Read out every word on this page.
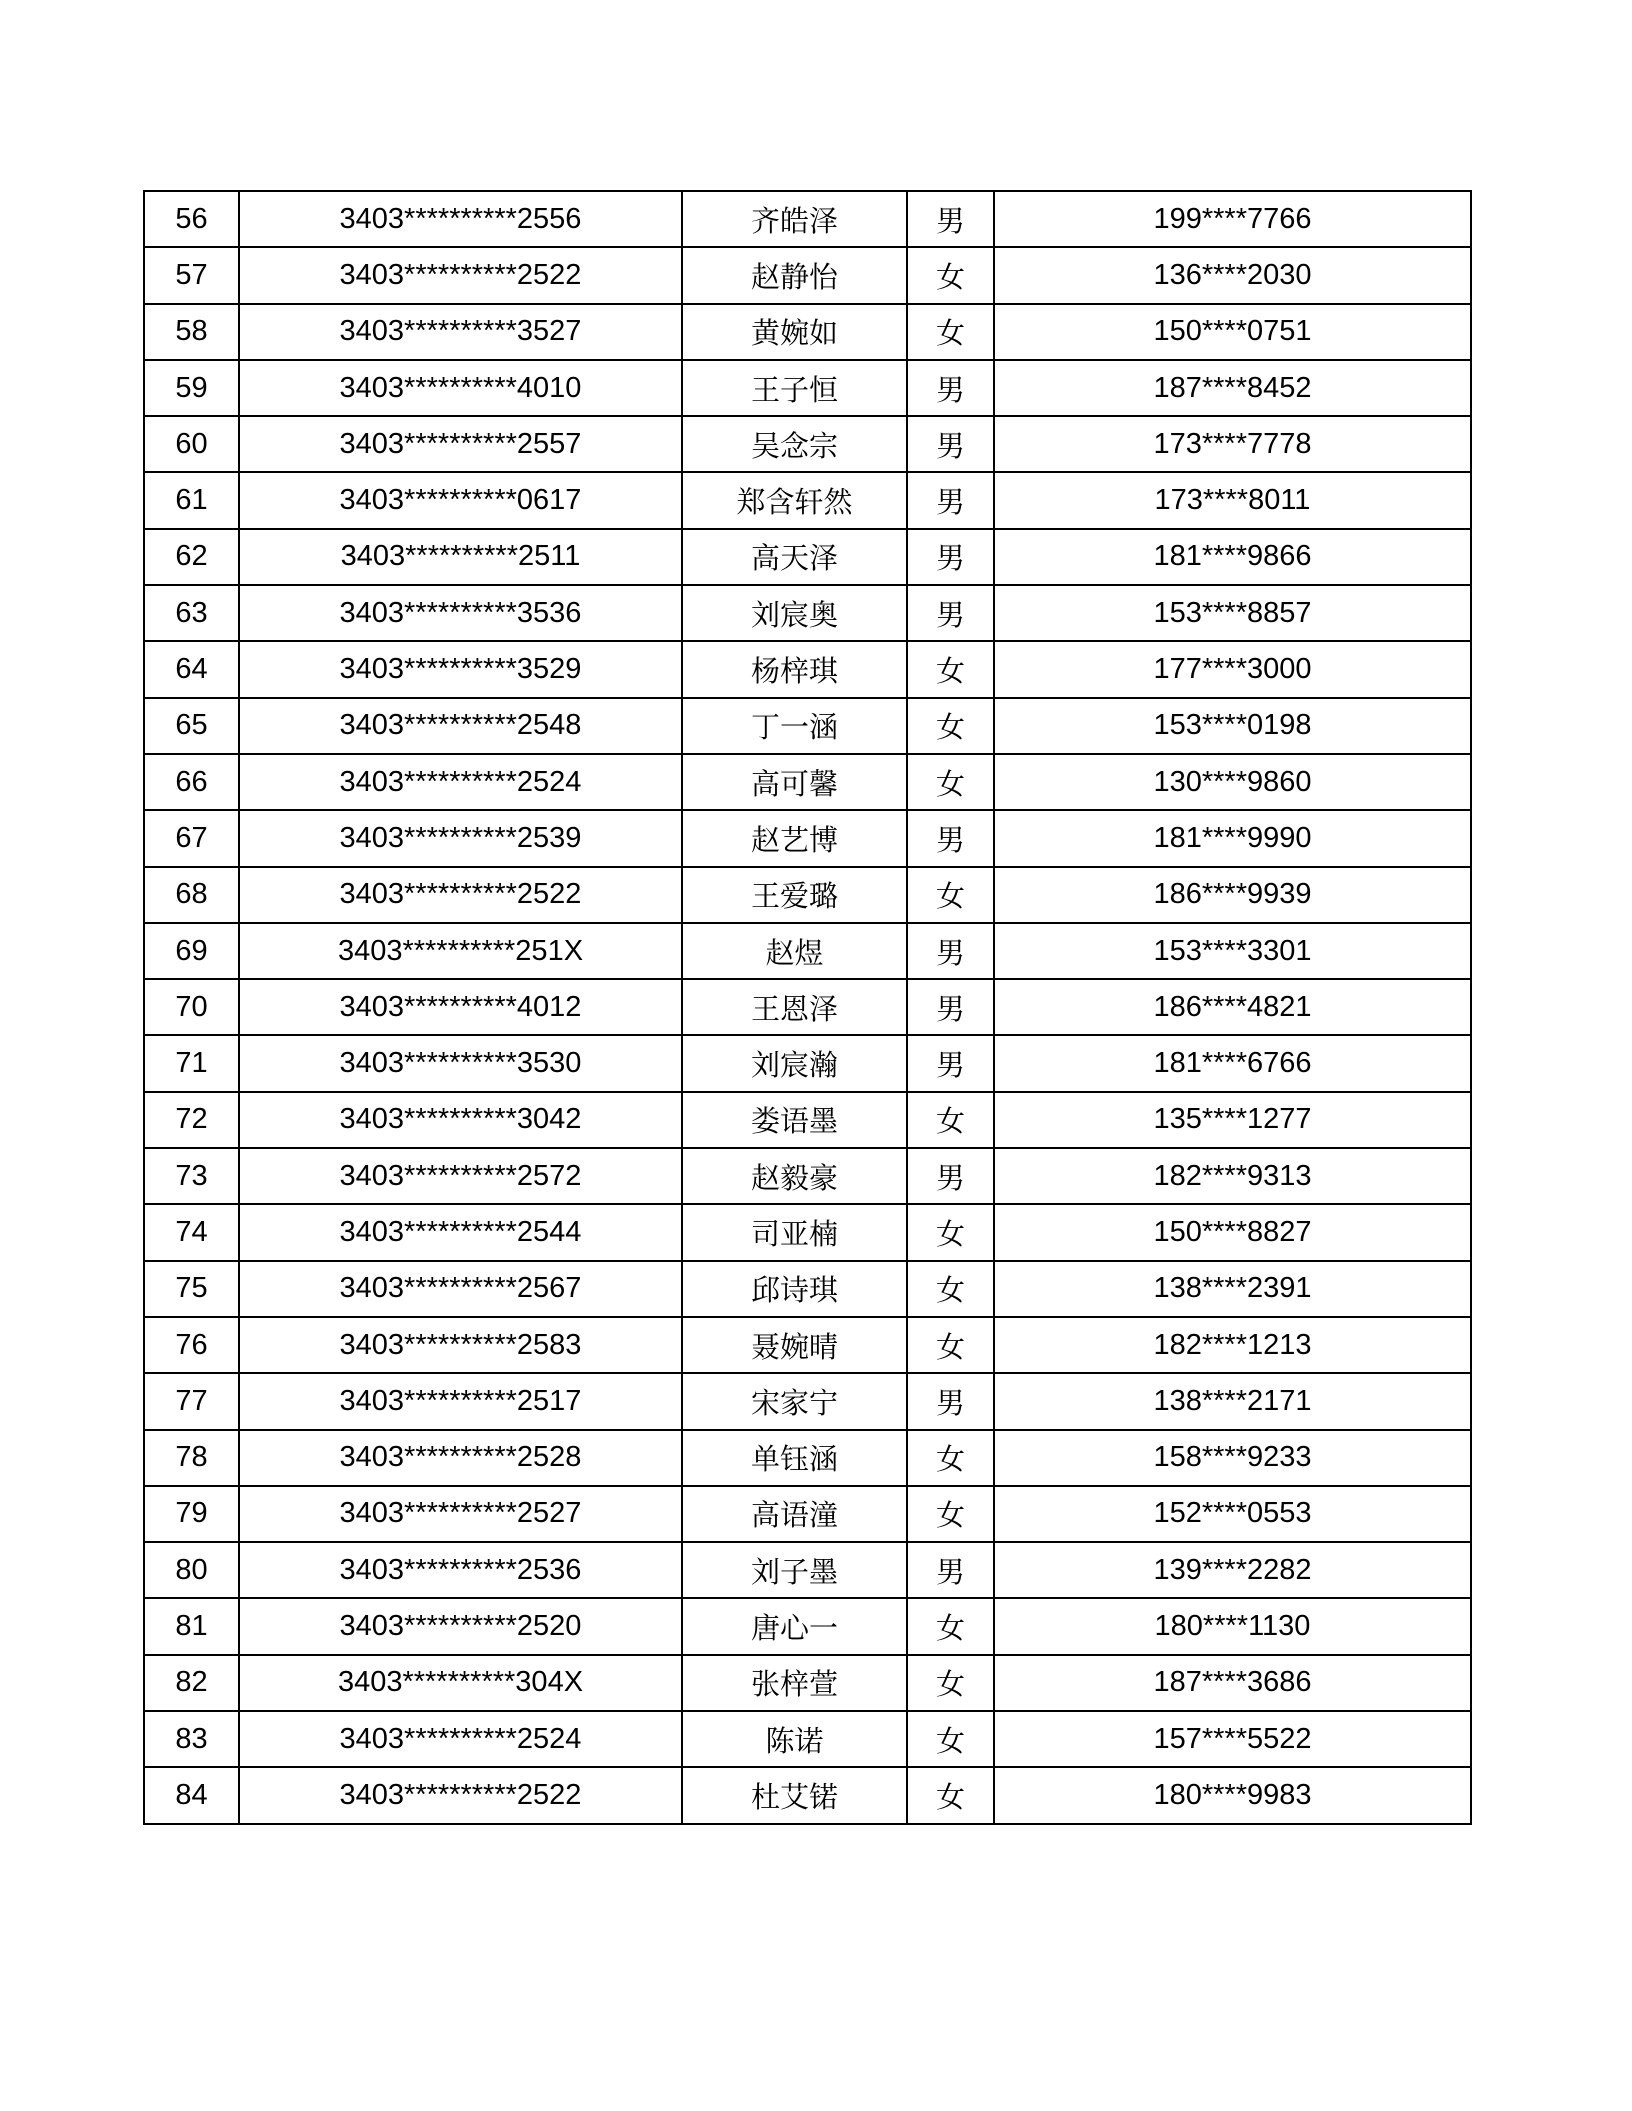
56	3403**********2556	齐皓泽	男	199****7766
57	3403**********2522	赵静怡	女	136****2030
58	3403**********3527	黄婉如	女	150****0751
59	3403**********4010	王子恒	男	187****8452
60	3403**********2557	吴念宗	男	173****7778
61	3403**********0617	郑含轩然	男	173****8011
62	3403**********2511	高天泽	男	181****9866
63	3403**********3536	刘宸奥	男	153****8857
64	3403**********3529	杨梓琪	女	177****3000
65	3403**********2548	丁一涵	女	153****0198
66	3403**********2524	高可馨	女	130****9860
67	3403**********2539	赵艺博	男	181****9990
68	3403**********2522	王爱璐	女	186****9939
69	3403**********251X	赵煜	男	153****3301
70	3403**********4012	王恩泽	男	186****4821
71	3403**********3530	刘宸瀚	男	181****6766
72	3403**********3042	娄语墨	女	135****1277
73	3403**********2572	赵毅豪	男	182****9313
74	3403**********2544	司亚楠	女	150****8827
75	3403**********2567	邱诗琪	女	138****2391
76	3403**********2583	聂婉晴	女	182****1213
77	3403**********2517	宋家宁	男	138****2171
78	3403**********2528	单钰涵	女	158****9233
79	3403**********2527	高语潼	女	152****0553
80	3403**********2536	刘子墨	男	139****2282
81	3403**********2520	唐心一	女	180****1130
82	3403**********304X	张梓萱	女	187****3686
83	3403**********2524	陈诺	女	157****5522
84	3403**********2522	杜艾锘	女	180****9983
